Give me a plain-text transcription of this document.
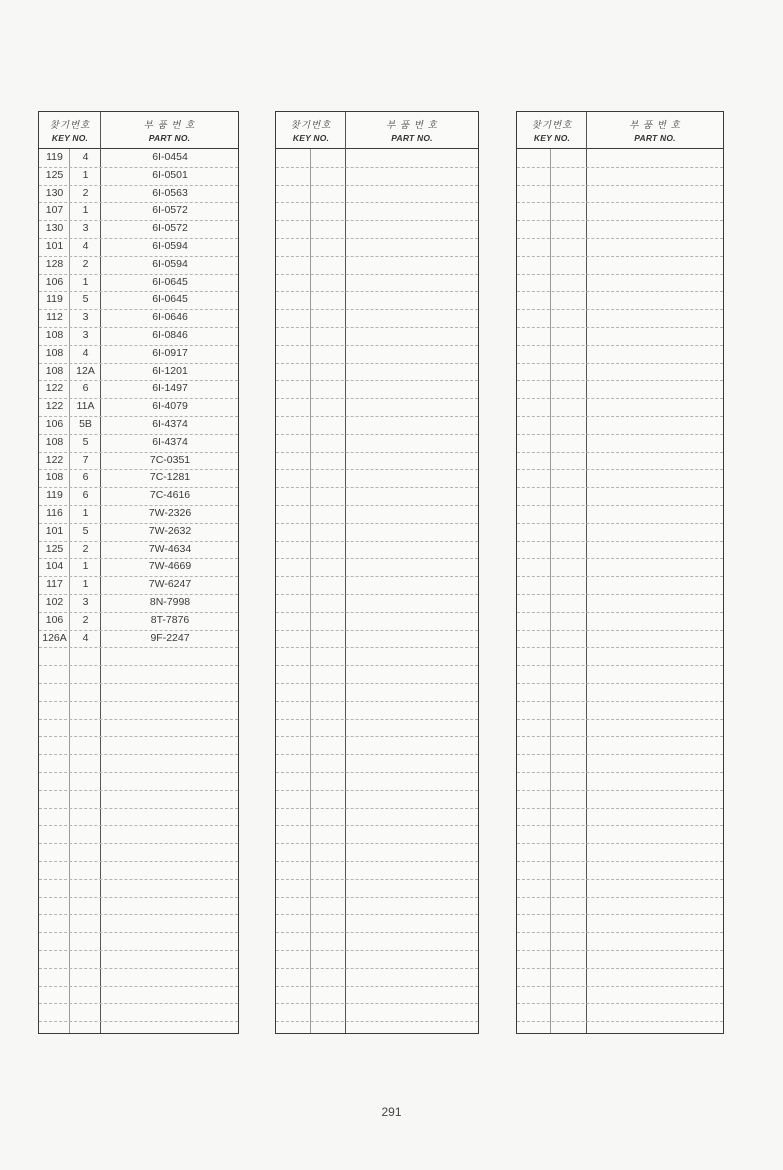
찾기번호
KEY NO.
부 품 번 호
PART NO.
119	4	6I-0454
125	1	6I-0501
130	2	6I-0563
107	1	6I-0572
130	3	6I-0572
101	4	6I-0594
128	2	6I-0594
106	1	6I-0645
119	5	6I-0645
112	3	6I-0646
108	3	6I-0846
108	4	6I-0917
108	12A	6I-1201
122	6	6I-1497
122	11A	6I-4079
106	5B	6I-4374
108	5	6I-4374
122	7	7C-0351
108	6	7C-1281
119	6	7C-4616
116	1	7W-2326
101	5	7W-2632
125	2	7W-4634
104	1	7W-4669
117	1	7W-6247
102	3	8N-7998
106	2	8T-7876
126A	4	9F-2247
찾기번호
KEY NO.
부 품 번 호
PART NO.
찾기번호
KEY NO.
부 품 번 호
PART NO.
291
